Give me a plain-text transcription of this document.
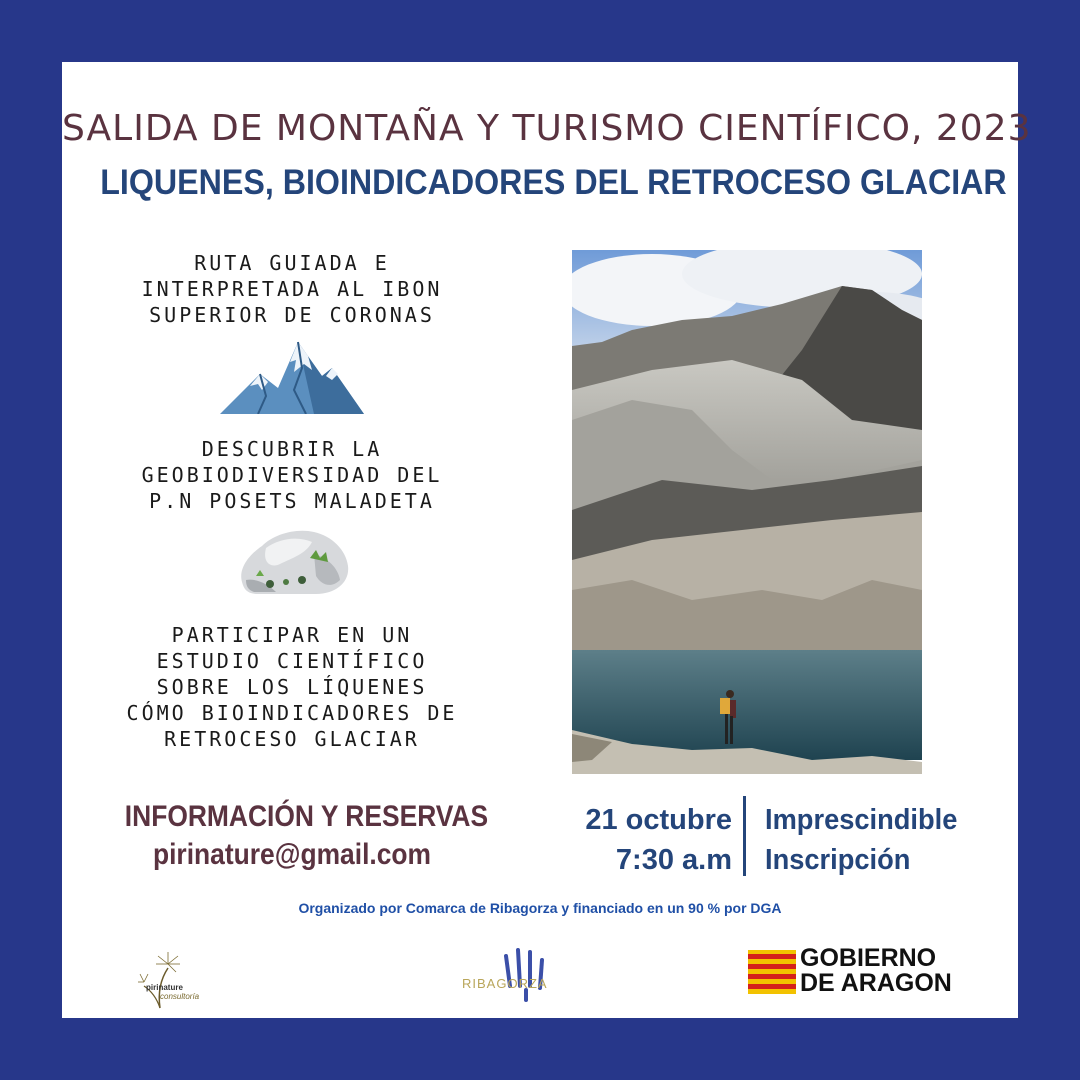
SALIDA DE MONTAÑA Y TURISMO CIENTÍFICO, 2023
LIQUENES, BIOINDICADORES DEL RETROCESO GLACIAR
RUTA GUIADA E
INTERPRETADA AL IBON
SUPERIOR DE CORONAS
DESCUBRIR LA
GEOBIODIVERSIDAD DEL
P.N POSETS MALADETA
PARTICIPAR EN UN
ESTUDIO CIENTÍFICO
SOBRE LOS LÍQUENES
CÓMO BIOINDICADORES DE
RETROCESO GLACIAR
INFORMACIÓN Y RESERVAS
pirinature@gmail.com
21 octubre
7:30 a.m
Imprescindible
Inscripción
Organizado por Comarca de Ribagorza y financiado en un 90 % por DGA
pirinature
consultoría
RIBAGORZA
GOBIERNO
DE ARAGON
